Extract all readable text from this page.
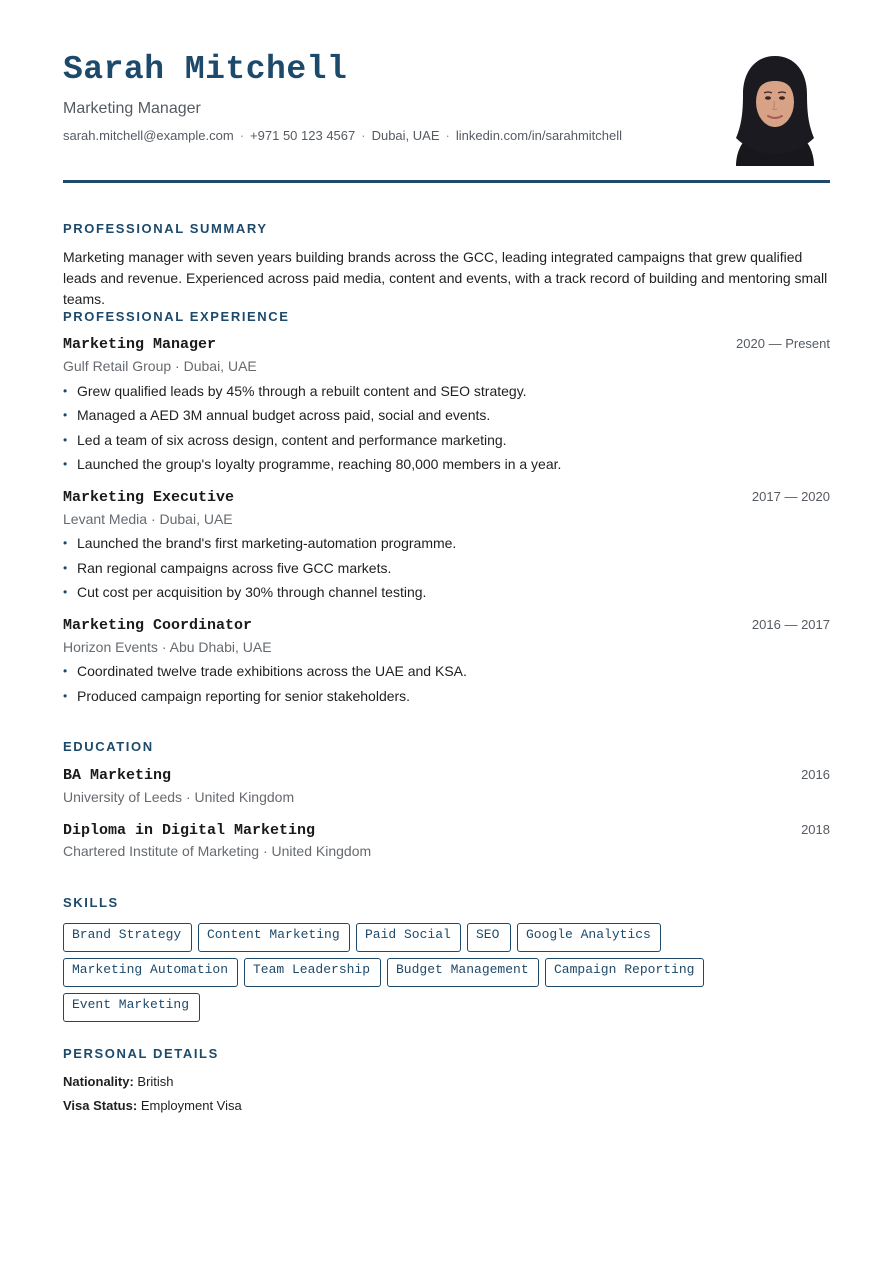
Sarah Mitchell
Marketing Manager
sarah.mitchell@example.com · +971 50 123 4567 · Dubai, UAE · linkedin.com/in/sarahmitchell
PROFESSIONAL SUMMARY
Marketing manager with seven years building brands across the GCC, leading integrated campaigns that grew qualified leads and revenue. Experienced across paid media, content and events, with a track record of building and mentoring small teams.
PROFESSIONAL EXPERIENCE
Marketing Manager	2020 — Present
Gulf Retail Group · Dubai, UAE
• Grew qualified leads by 45% through a rebuilt content and SEO strategy.
• Managed a AED 3M annual budget across paid, social and events.
• Led a team of six across design, content and performance marketing.
• Launched the group's loyalty programme, reaching 80,000 members in a year.
Marketing Executive	2017 — 2020
Levant Media · Dubai, UAE
• Launched the brand's first marketing-automation programme.
• Ran regional campaigns across five GCC markets.
• Cut cost per acquisition by 30% through channel testing.
Marketing Coordinator	2016 — 2017
Horizon Events · Abu Dhabi, UAE
• Coordinated twelve trade exhibitions across the UAE and KSA.
• Produced campaign reporting for senior stakeholders.
EDUCATION
BA Marketing	2016
University of Leeds · United Kingdom
Diploma in Digital Marketing	2018
Chartered Institute of Marketing · United Kingdom
SKILLS
Brand Strategy	Content Marketing	Paid Social	SEO	Google Analytics
Marketing Automation	Team Leadership	Budget Management	Campaign Reporting
Event Marketing
PERSONAL DETAILS
Nationality: British
Visa Status: Employment Visa
